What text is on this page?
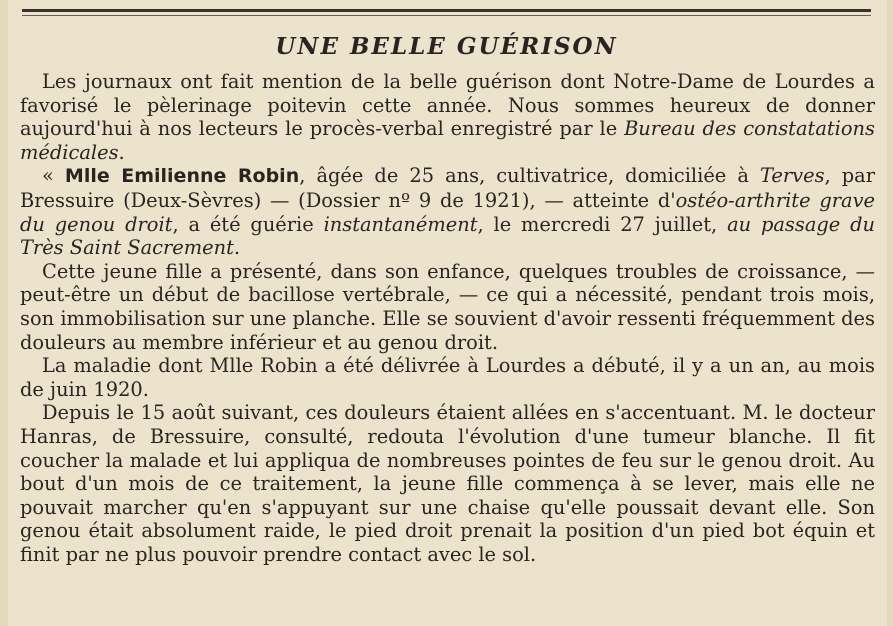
UNE BELLE GUÉRISON

Les journaux ont fait mention de la belle guérison dont Notre-Dame de Lourdes a favorisé le pèlerinage poitevin cette année. Nous sommes heureux de donner aujourd'hui à nos lecteurs le procès-verbal enregistré par le Bureau des constatations médicales.

« Mlle Emilienne Robin, âgée de 25 ans, cultivatrice, domiciliée à Terves, par Bressuire (Deux-Sèvres) — (Dossier nº 9 de 1921), — atteinte d'ostéo-arthrite grave du genou droit, a été guérie instantanément, le mercredi 27 juillet, au passage du Très Saint Sacrement.

Cette jeune fille a présenté, dans son enfance, quelques troubles de croissance, — peut-être un début de bacillose vertébrale, — ce qui a nécessité, pendant trois mois, son immobilisation sur une planche. Elle se souvient d'avoir ressenti fréquemment des douleurs au membre inférieur et au genou droit.

La maladie dont Mlle Robin a été délivrée à Lourdes a débuté, il y a un an, au mois de juin 1920.

Depuis le 15 août suivant, ces douleurs étaient allées en s'accentuant. M. le docteur Hanras, de Bressuire, consulté, redouta l'évolution d'une tumeur blanche. Il fit coucher la malade et lui appliqua de nombreuses pointes de feu sur le genou droit. Au bout d'un mois de ce traitement, la jeune fille commença à se lever, mais elle ne pouvait marcher qu'en s'appuyant sur une chaise qu'elle poussait devant elle. Son genou était absolument raide, le pied droit prenait la position d'un pied bot équin et finit par ne plus pouvoir prendre contact avec le sol.
